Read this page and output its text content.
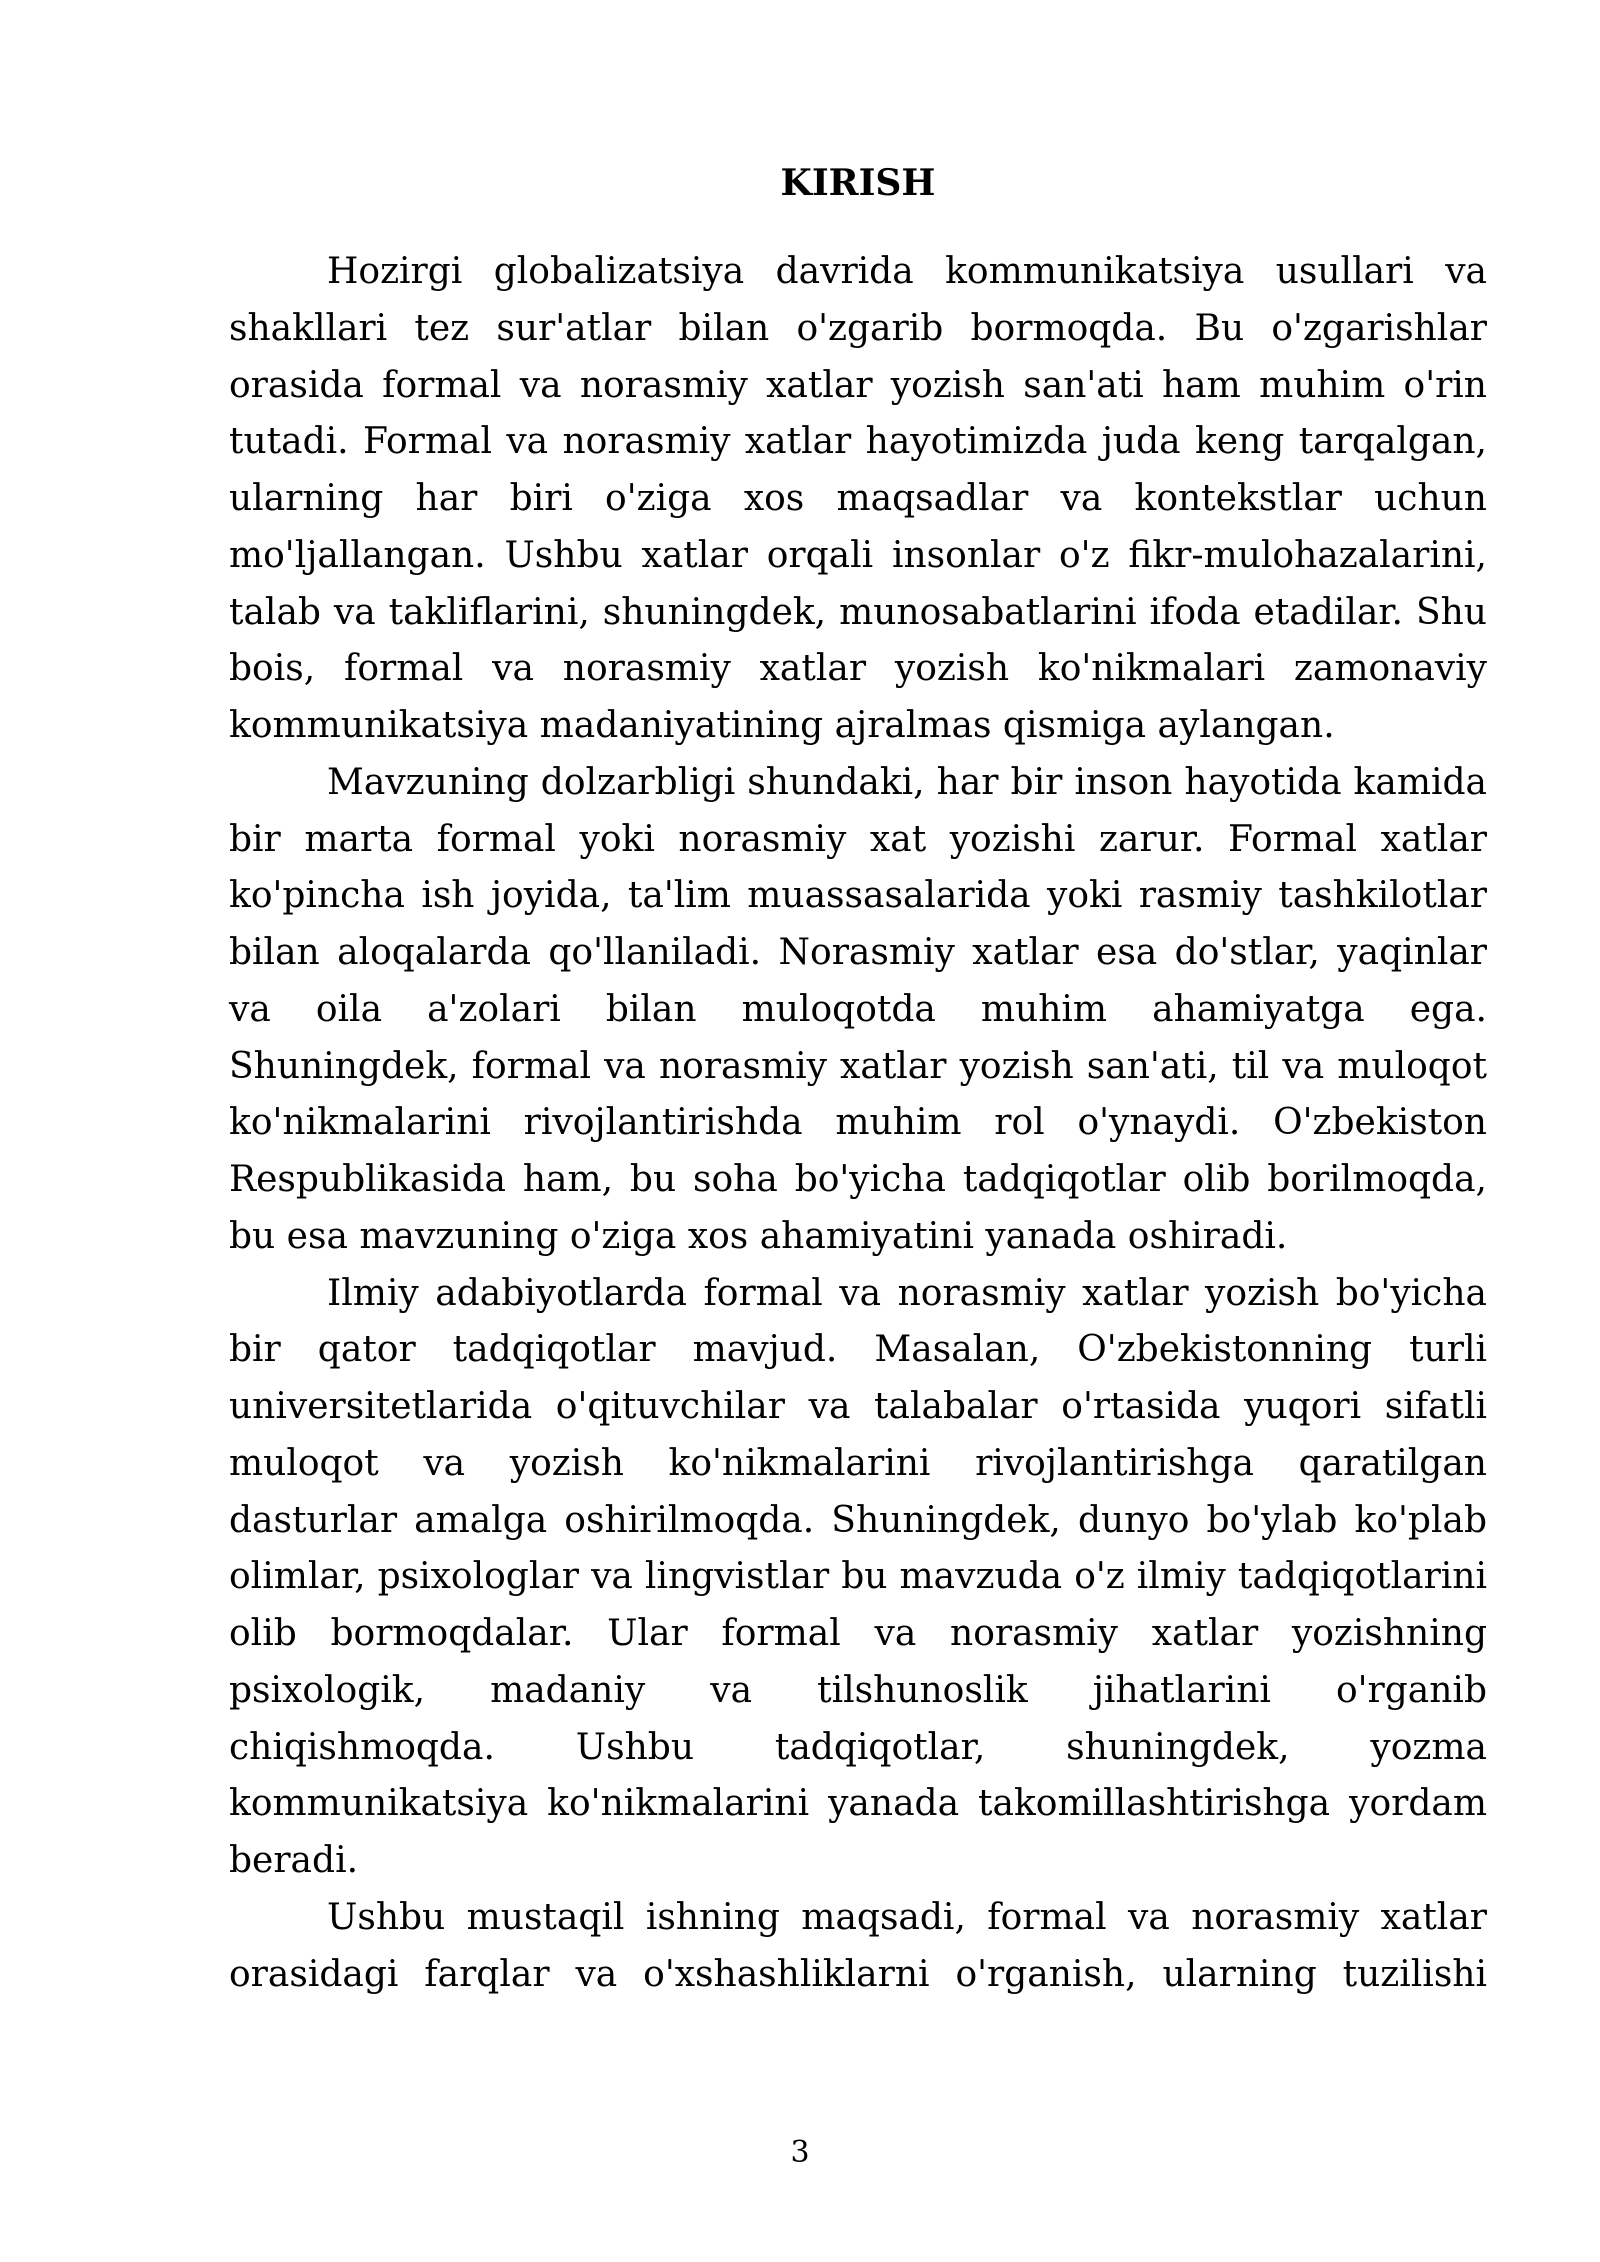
KIRISH

Hozirgi globalizatsiya davrida kommunikatsiya usullari va shakllari tez sur'atlar bilan o'zgarib bormoqda. Bu o'zgarishlar orasida formal va norasmiy xatlar yozish san'ati ham muhim o'rin tutadi. Formal va norasmiy xatlar hayotimizda juda keng tarqalgan, ularning har biri o'ziga xos maqsadlar va kontekstlar uchun mo'ljallangan. Ushbu xatlar orqali insonlar o'z fikr-mulohazalarini, talab va takliflarini, shuningdek, munosabatlarini ifoda etadilar. Shu bois, formal va norasmiy xatlar yozish ko'nikmalari zamonaviy kommunikatsiya madaniyatining ajralmas qismiga aylangan.

Mavzuning dolzarbligi shundaki, har bir inson hayotida kamida bir marta formal yoki norasmiy xat yozishi zarur. Formal xatlar ko'pincha ish joyida, ta'lim muassasalarida yoki rasmiy tashkilotlar bilan aloqalarda qo'llaniladi. Norasmiy xatlar esa do'stlar, yaqinlar va oila a'zolari bilan muloqotda muhim ahamiyatga ega. Shuningdek, formal va norasmiy xatlar yozish san'ati, til va muloqot ko'nikmalarini rivojlantirishda muhim rol o'ynaydi. O'zbekiston Respublikasida ham, bu soha bo'yicha tadqiqotlar olib borilmoqda, bu esa mavzuning o'ziga xos ahamiyatini yanada oshiradi.

Ilmiy adabiyotlarda formal va norasmiy xatlar yozish bo'yicha bir qator tadqiqotlar mavjud. Masalan, O'zbekistonning turli universitetlarida o'qituvchilar va talabalar o'rtasida yuqori sifatli muloqot va yozish ko'nikmalarini rivojlantirishga qaratilgan dasturlar amalga oshirilmoqda. Shuningdek, dunyo bo'ylab ko'plab olimlar, psixologlar va lingvistlar bu mavzuda o'z ilmiy tadqiqotlarini olib bormoqdalar. Ular formal va norasmiy xatlar yozishning psixologik, madaniy va tilshunoslik jihatlarini o'rganib chiqishmoqda. Ushbu tadqiqotlar, shuningdek, yozma kommunikatsiya ko'nikmalarini yanada takomillashtirishga yordam beradi.

Ushbu mustaqil ishning maqsadi, formal va norasmiy xatlar orasidagi farqlar va o'xshashliklarni o'rganish, ularning tuzilishi

3
